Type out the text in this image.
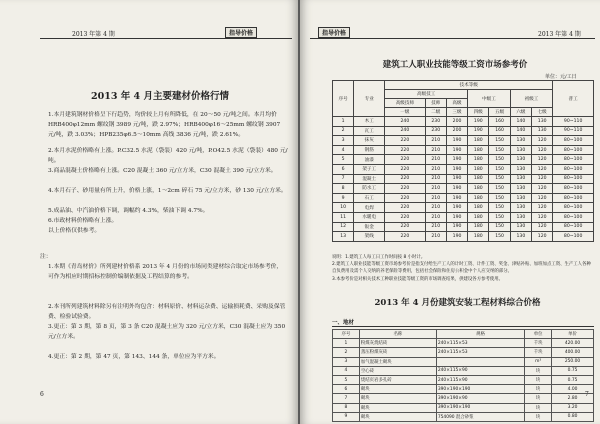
2013 年第 4 期	指导价格
2013 年 4 月主要建材价格行情
1.本月建筑钢材价格呈下行趋势，均价较上月有所降低，在 20～50 元/吨之间。本月均价 HRB400φ12mm 螺纹钢 3989 元/吨，跌 2.97%；HRB400φ16～25mm 螺纹钢 3907 元/吨，跌 3.03%；HPB235φ6.5～10mm 高线 3836 元/吨，跌 2.61%。
2.本月水泥价格略有上涨。P.C32.5 水泥（袋装）420 元/吨，P.O42.5 水泥（袋装）480 元/吨。
3.商品混凝土价格略有上涨。C20 混凝土 360 元/立方米，C30 混凝土 390 元/立方米。
4.本月石子、砂用量有所上升，价格上涨，1～2cm 碎石 75 元/立方米，砂 130 元/立方米。
5.成品油、中汽油价格下调，调幅约 4.3%，柴油下调 4.7%。
6.市政材料价格略有上涨。
以上价格仅供参考。
注：
1.本期《青岛材价》所列建材价格系 2013 年 4 月份的市场同类建材综合取定市场参考价，可作为相应时期招标控制价编制依据及工程结算的参考。
2.本刊所列建筑材料除另有注明外均包含：材料原价、材料运杂费、运输损耗费、采购及保管费、检验试验费。
3.更正：第 3 期，第 8 页，第 3 条 C20 混凝土应为 320 元/立方米，C30 混凝土应为 350 元/立方米。
4.更正：第 2 期，第 47 页，第 143、144 条，单位应为平方米。
6
指导价格	2013 年第 4 期
7
建筑工人职业技能等级工资市场参考价
单位：元/工日
序号	专业	技术等级							普工
		高级技工			中级工		初级工		
		高级技师	技师	高级					
		一级	二级	三级	四级	五级	六级	七级	
1	木工	240	230	200	190	160	140	130	90~110
2	瓦工	240	230	200	190	160	140	130	90~110
3	抹灰	220	210	190	180	150	130	120	80~100
4	钢筋	220	210	190	180	150	130	120	80~100
5	油漆	220	210	190	180	150	130	120	80~100
6	架子工	220	210	190	180	150	130	120	80~100
7	混凝土	220	210	190	180	150	130	120	80~100
8	防水工	220	210	190	180	150	130	120	80~100
9	石工	220	210	190	180	150	130	120	80~100
10	电焊	220	210	190	180	150	130	120	80~100
11	水暖电	220	210	190	180	150	130	120	80~100
12	钣金	220	210	190	180	150	130	120	80~100
13	架线	220	210	190	180	150	130	120	80~100
说明：1.建筑工人每工日工作时间按 8 小时计。
2.建筑工人职业技能等级工资市场参考价是指支付给生产工人的计时工资、计件工资、奖金、津贴补贴、加班加点工资、生产工人各种自负费用及需个人交纳的养老保险等费用，包括社会保险和住房公积金中个人应交纳的部分。
3.本参考价是对相关技术工种职业技能等级工资的市场调查结果，供建设各方参考使用。
2013 年 4 月份建筑安装工程材料综合价格
一、地材
序号	名称	规格	单位	单价
1	粉煤灰烧结砖	240×115×53	千块	420.00
2	蒸压粉煤灰砖	240×115×53	千块	400.00
3	加气混凝土砌块		m³	250.00
4	空心砖	240×115×90	块	0.75
5	烧结页岩多孔砖	240×115×90	块	0.75
6	砌块	390×190×190	块	4.00
7	砌块	390×190×90	块	2.80
8	砌块	390×190×190	块	3.20
9	砌块	754090 混合砂浆	块	0.80
